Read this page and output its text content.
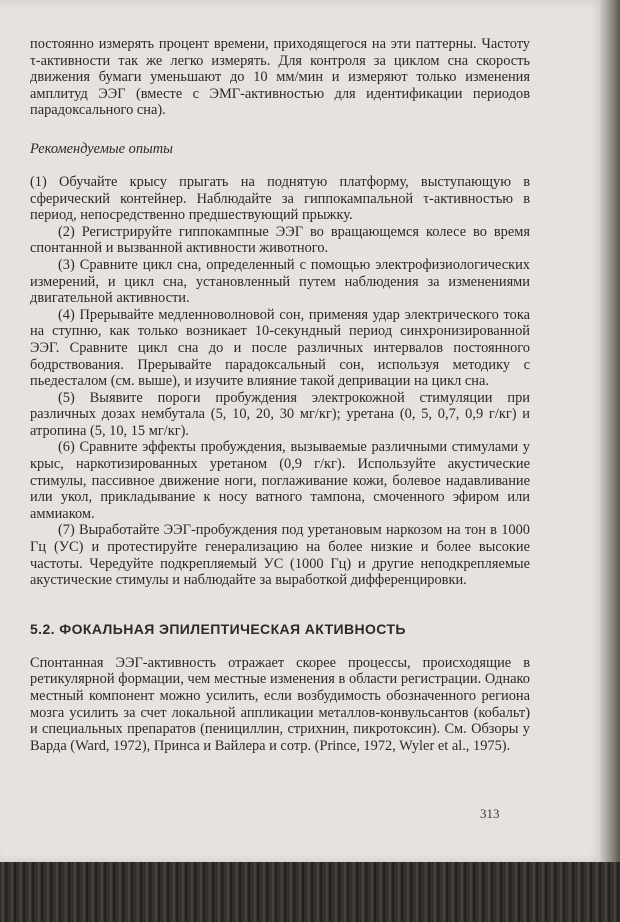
постоянно измерять процент времени, приходящегося на эти паттерны. Частоту τ-активности так же легко измерять. Для контроля за циклом сна скорость движения бумаги уменьшают до 10 мм/мин и измеряют только изменения амплитуд ЭЭГ (вместе с ЭМГ-активностью для идентификации периодов парадоксального сна).

Рекомендуемые опыты

(1) Обучайте крысу прыгать на поднятую платформу, выступающую в сферический контейнер. Наблюдайте за гиппокампальной τ-активностью в период, непосредственно предшествующий прыжку.

(2) Регистрируйте гиппокампные ЭЭГ во вращающемся колесе во время спонтанной и вызванной активности животного.

(3) Сравните цикл сна, определенный с помощью электрофизиологических измерений, и цикл сна, установленный путем наблюдения за изменениями двигательной активности.

(4) Прерывайте медленноволновой сон, применяя удар электрического тока на ступню, как только возникает 10-секундный период синхронизированной ЭЭГ. Сравните цикл сна до и после различных интервалов постоянного бодрствования. Прерывайте парадоксальный сон, используя методику с пьедесталом (см. выше), и изучите влияние такой депривации на цикл сна.

(5) Выявите пороги пробуждения электрокожной стимуляции при различных дозах нембутала (5, 10, 20, 30 мг/кг); уретана (0, 5, 0,7, 0,9 г/кг) и атропина (5, 10, 15 мг/кг).

(6) Сравните эффекты пробуждения, вызываемые различными стимулами у крыс, наркотизированных уретаном (0,9 г/кг). Используйте акустические стимулы, пассивное движение ноги, поглаживание кожи, болевое надавливание или укол, прикладывание к носу ватного тампона, смоченного эфиром или аммиаком.

(7) Выработайте ЭЭГ-пробуждения под уретановым наркозом на тон в 1000 Гц (УС) и протестируйте генерализацию на более низкие и более высокие частоты. Чередуйте подкрепляемый УС (1000 Гц) и другие неподкрепляемые акустические стимулы и наблюдайте за выработкой дифференцировки.

5.2. ФОКАЛЬНАЯ ЭПИЛЕПТИЧЕСКАЯ АКТИВНОСТЬ

Спонтанная ЭЭГ-активность отражает скорее процессы, происходящие в ретикулярной формации, чем местные изменения в области регистрации. Однако местный компонент можно усилить, если возбудимость обозначенного региона мозга усилить за счет локальной аппликации металлов-конвульсантов (кобальт) и специальных препаратов (пенициллин, стрихнин, пикротоксин). См. Обзоры у Варда (Ward, 1972), Принса и Вайлера и сотр. (Prince, 1972, Wyler et al., 1975).

313
